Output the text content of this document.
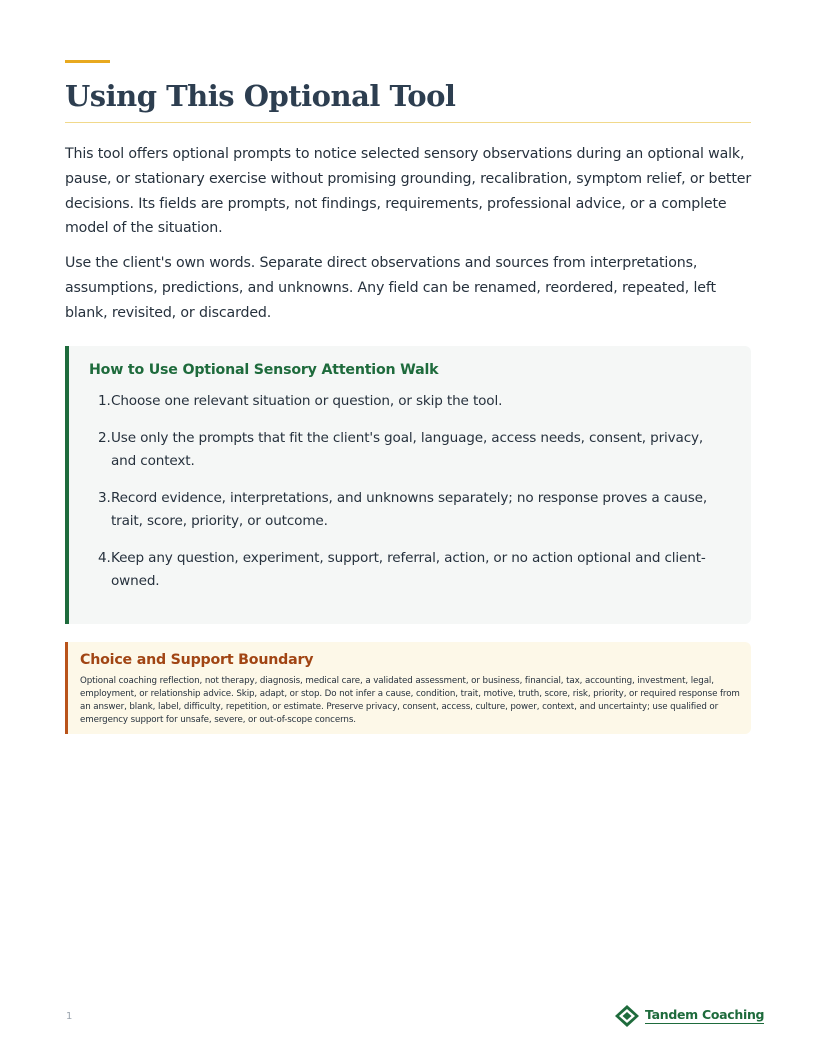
Using This Optional Tool

This tool offers optional prompts to notice selected sensory observations during an optional walk, pause, or stationary exercise without promising grounding, recalibration, symptom relief, or better decisions. Its fields are prompts, not findings, requirements, professional advice, or a complete model of the situation.

Use the client's own words. Separate direct observations and sources from interpretations, assumptions, predictions, and unknowns. Any field can be renamed, reordered, repeated, left blank, revisited, or discarded.

How to Use Optional Sensory Attention Walk
1. Choose one relevant situation or question, or skip the tool.
2. Use only the prompts that fit the client's goal, language, access needs, consent, privacy, and context.
3. Record evidence, interpretations, and unknowns separately; no response proves a cause, trait, score, priority, or outcome.
4. Keep any question, experiment, support, referral, action, or no action optional and client-owned.
Choice and Support Boundary

Optional coaching reflection, not therapy, diagnosis, medical care, a validated assessment, or business, financial, tax, accounting, investment, legal, employment, or relationship advice. Skip, adapt, or stop. Do not infer a cause, condition, trait, motive, truth, score, risk, priority, or required response from an answer, blank, label, difficulty, repetition, or estimate. Preserve privacy, consent, access, culture, power, context, and uncertainty; use qualified or emergency support for unsafe, severe, or out-of-scope concerns.

1	Tandem Coaching
